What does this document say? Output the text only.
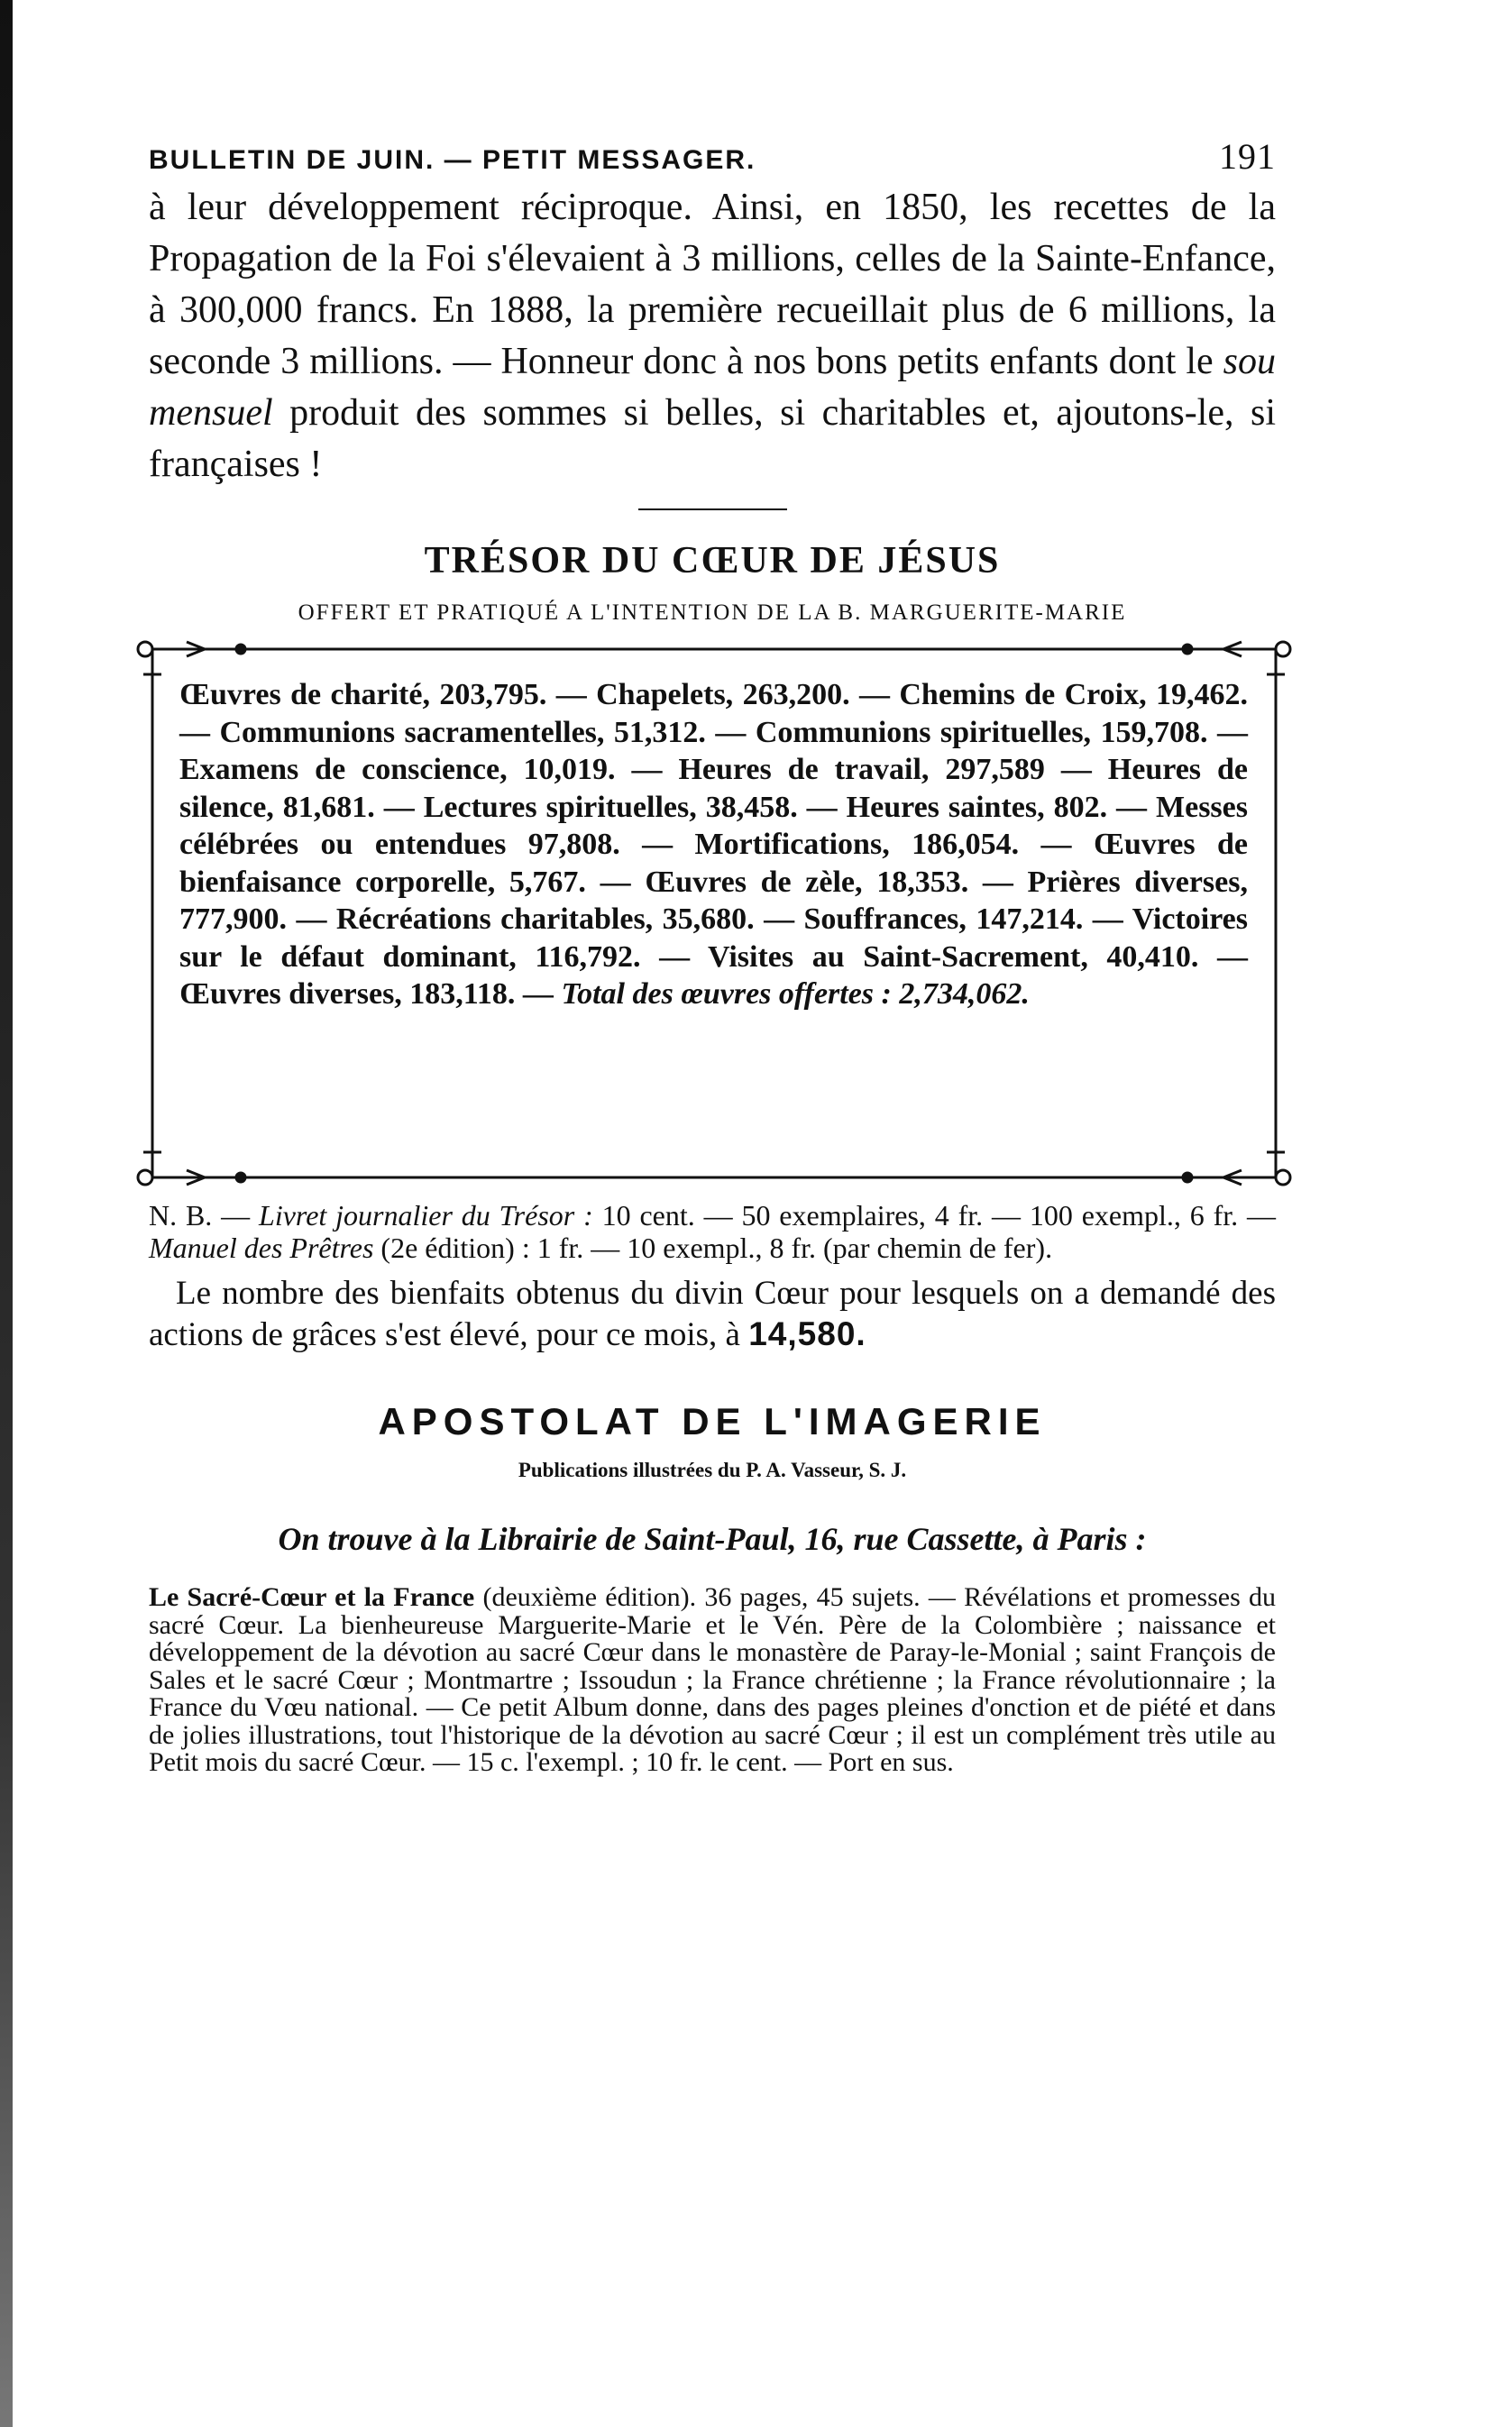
BULLETIN DE JUIN. — PETIT MESSAGER.	191

à leur développement réciproque. Ainsi, en 1850, les recettes de la Propagation de la Foi s'élevaient à 3 millions, celles de la Sainte-Enfance, à 300,000 francs. En 1888, la première recueillait plus de 6 millions, la seconde 3 millions. — Honneur donc à nos bons petits enfants dont le sou mensuel produit des sommes si belles, si charitables et, ajoutons-le, si françaises !

TRÉSOR DU CŒUR DE JÉSUS
OFFERT ET PRATIQUÉ A L'INTENTION DE LA B. MARGUERITE-MARIE

Œuvres de charité, 203,795. — Chapelets, 263,200. — Chemins de Croix, 19,462. — Communions sacramentelles, 51,312. — Communions spirituelles, 159,708. — Examens de conscience, 10,019. — Heures de travail, 297,589 — Heures de silence, 81,681. — Lectures spirituelles, 38,458. — Heures saintes, 802. — Messes célébrées ou entendues 97,808. — Mortifications, 186,054. — Œuvres de bienfaisance corporelle, 5,767. — Œuvres de zèle, 18,353. — Prières diverses, 777,900. — Récréations charitables, 35,680. — Souffrances, 147,214. — Victoires sur le défaut dominant, 116,792. — Visites au Saint-Sacrement, 40,410. — Œuvres diverses, 183,118. — Total des œuvres offertes : 2,734,062.

N. B. — Livret journalier du Trésor : 10 cent. — 50 exemplaires, 4 fr. — 100 exempl., 6 fr. — Manuel des Prêtres (2e édition) : 1 fr. — 10 exempl., 8 fr. (par chemin de fer).

Le nombre des bienfaits obtenus du divin Cœur pour lesquels on a demandé des actions de grâces s'est élevé, pour ce mois, à 14,580.

APOSTOLAT DE L'IMAGERIE
Publications illustrées du P. A. Vasseur, S. J.
On trouve à la Librairie de Saint-Paul, 16, rue Cassette, à Paris :

Le Sacré-Cœur et la France (deuxième édition). 36 pages, 45 sujets. — Révélations et promesses du sacré Cœur. La bienheureuse Marguerite-Marie et le Vén. Père de la Colombière ; naissance et développement de la dévotion au sacré Cœur dans le monastère de Paray-le-Monial ; saint François de Sales et le sacré Cœur ; Montmartre ; Issoudun ; la France chrétienne ; la France révolutionnaire ; la France du Vœu national. — Ce petit Album donne, dans des pages pleines d'onction et de piété et dans de jolies illustrations, tout l'historique de la dévotion au sacré Cœur ; il est un complément très utile au Petit mois du sacré Cœur. — 15 c. l'exempl. ; 10 fr. le cent. — Port en sus.
